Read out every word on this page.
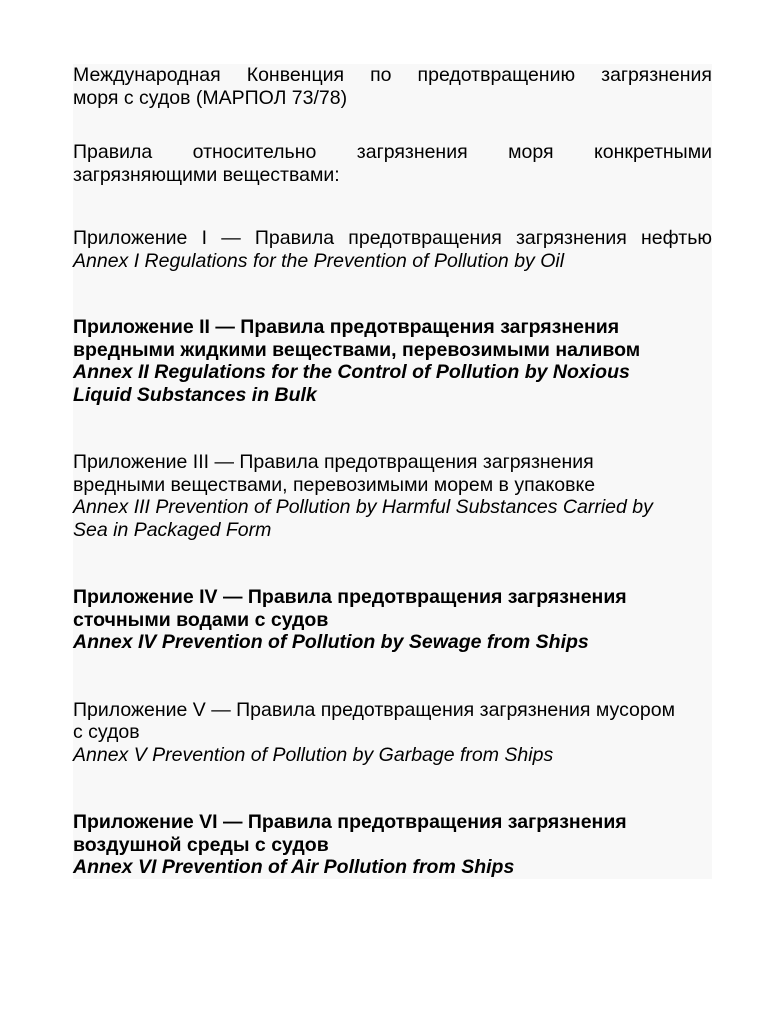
Международная Конвенция по предотвращению загрязнения
моря с судов (МАРПОЛ 73/78)
Правила относительно загрязнения моря конкретными
загрязняющими веществами:
Приложение I — Правила предотвращения загрязнения нефтью
Annex I Regulations for the Prevention of Pollution by Oil
Приложение II — Правила предотвращения загрязнения
вредными жидкими веществами, перевозимыми наливом
Annex II Regulations for the Control of Pollution by Noxious
Liquid Substances in Bulk
Приложение III — Правила предотвращения загрязнения
вредными веществами, перевозимыми морем в упаковке
Annex III Prevention of Pollution by Harmful Substances Carried by
Sea in Packaged Form
Приложение IV — Правила предотвращения загрязнения
сточными водами с судов
Annex IV Prevention of Pollution by Sewage from Ships
Приложение V — Правила предотвращения загрязнения мусором
с судов
Annex V Prevention of Pollution by Garbage from Ships
Приложение VI — Правила предотвращения загрязнения
воздушной среды с судов
Annex VI Prevention of Air Pollution from Ships
